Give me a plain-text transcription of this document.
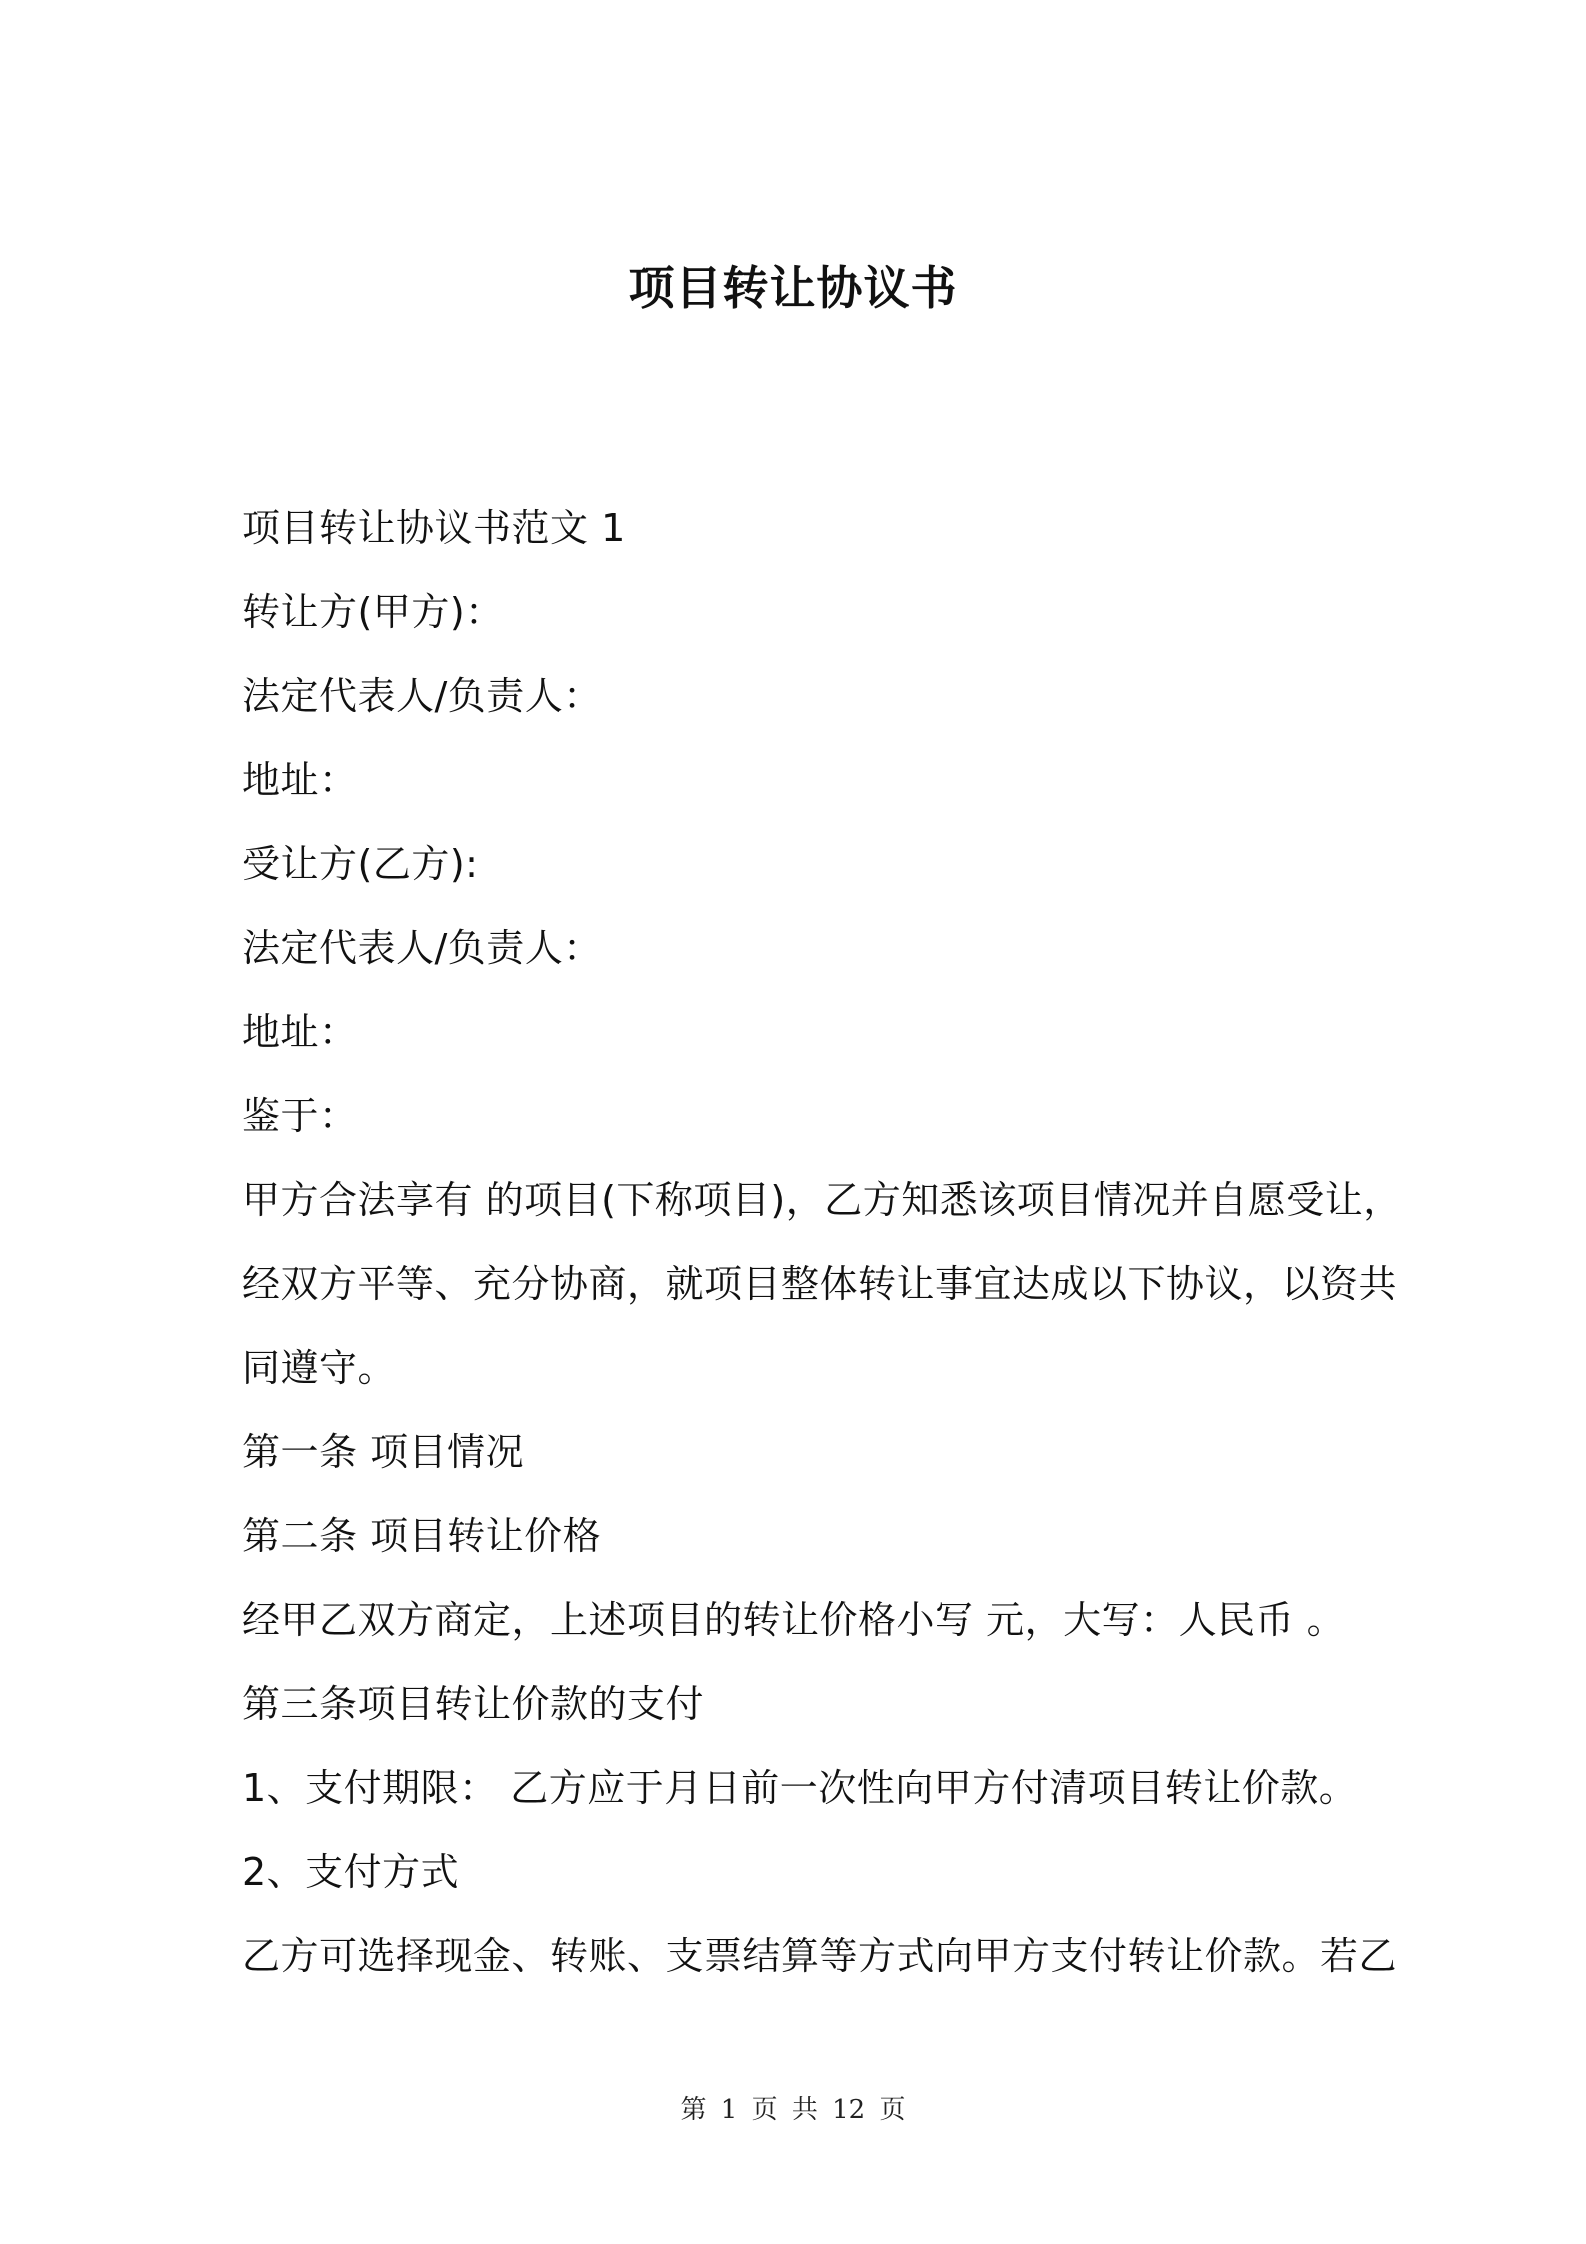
项目转让协议书
项目转让协议书范文 1
转让方(甲方)：
法定代表人/负责人：
地址：
受让方(乙方):
法定代表人/负责人：
地址：
鉴于：
甲方合法享有 的项目(下称项目)，乙方知悉该项目情况并自愿受让，
经双方平等、充分协商，就项目整体转让事宜达成以下协议，以资共
同遵守。
第一条 项目情况
第二条 项目转让价格
经甲乙双方商定，上述项目的转让价格小写 元，大写：人民币 。
第三条项目转让价款的支付
1、支付期限： 乙方应于月日前一次性向甲方付清项目转让价款。
2、支付方式
乙方可选择现金、转账、支票结算等方式向甲方支付转让价款。若乙
第 1 页 共 12 页
